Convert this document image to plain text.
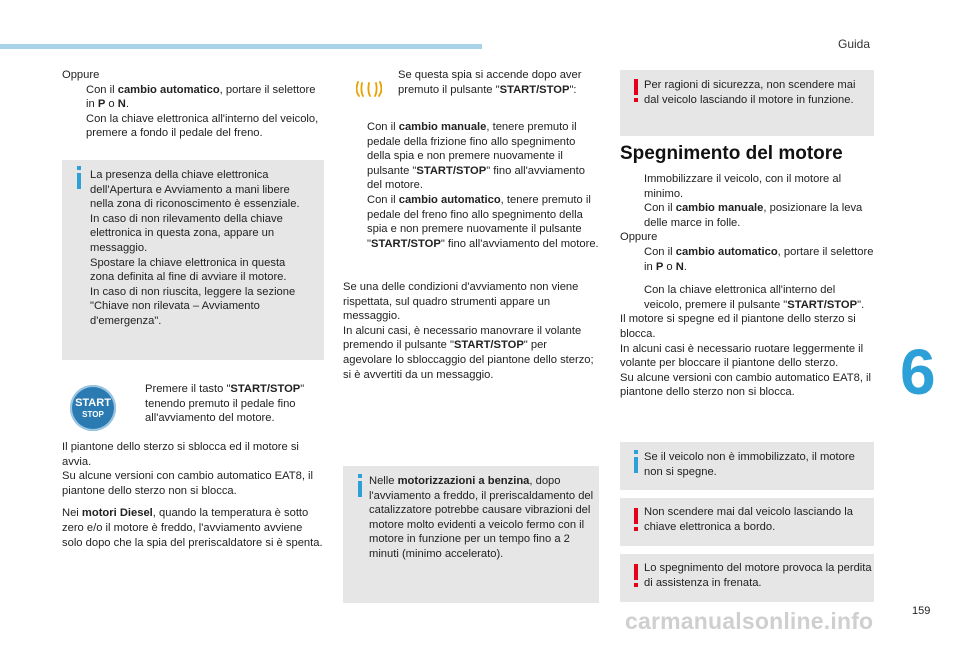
Guida
6
159
carmanualsonline.info
Oppure
Con il cambio automatico, portare il selettore in P o N.
Con la chiave elettronica all'interno del veicolo, premere a fondo il pedale del freno.
La presenza della chiave elettronica
dell'Apertura e Avviamento a mani libere
nella zona di riconoscimento è essenziale.
In caso di non rilevamento della chiave
elettronica in questa zona, appare un
messaggio.
Spostare la chiave elettronica in questa
zona definita al fine di avviare il motore.
In caso di non riuscita, leggere la sezione
"Chiave non rilevata – Avviamento
d'emergenza".
START
STOP
Premere il tasto "START/STOP" tenendo premuto il pedale fino all'avviamento del motore.

Il piantone dello sterzo si sblocca ed il motore si avvia.

Su alcune versioni con cambio automatico EAT8, il piantone dello sterzo non si blocca.

Nei motori Diesel, quando la temperatura è sotto zero e/o il motore è freddo, l'avviamento avviene solo dopo che la spia del preriscaldatore si è spenta.

Se questa spia si accende dopo aver premuto il pulsante "START/STOP":
Con il cambio manuale, tenere premuto il pedale della frizione fino allo spegnimento della spia e non premere nuovamente il pulsante "START/STOP" fino all'avviamento del motore.
Con il cambio automatico, tenere premuto il pedale del freno fino allo spegnimento della spia e non premere nuovamente il pulsante "START/STOP" fino all'avviamento del motore.

Se una delle condizioni d'avviamento non viene rispettata, sul quadro strumenti appare un messaggio.

In alcuni casi, è necessario manovrare il volante premendo il pulsante "START/STOP" per agevolare lo sbloccaggio del piantone dello sterzo; si è avvertiti da un messaggio.

Nelle motorizzazioni a benzina, dopo l'avviamento a freddo, il preriscaldamento del catalizzatore potrebbe causare vibrazioni del motore molto evidenti a veicolo fermo con il motore in funzione per un tempo fino a 2 minuti (minimo accelerato).
Per ragioni di sicurezza, non scendere mai dal veicolo lasciando il motore in funzione.
Spegnimento del motore
Immobilizzare il veicolo, con il motore al minimo.
Con il cambio manuale, posizionare la leva delle marce in folle.
Oppure
Con il cambio automatico, portare il selettore in P o N.
Con la chiave elettronica all'interno del veicolo, premere il pulsante "START/STOP".

Il motore si spegne ed il piantone dello sterzo si blocca.

In alcuni casi è necessario ruotare leggermente il volante per bloccare il piantone dello sterzo.

Su alcune versioni con cambio automatico EAT8, il piantone dello sterzo non si blocca.

Se il veicolo non è immobilizzato, il motore non si spegne.
Non scendere mai dal veicolo lasciando la chiave elettronica a bordo.
Lo spegnimento del motore provoca la perdita di assistenza in frenata.
